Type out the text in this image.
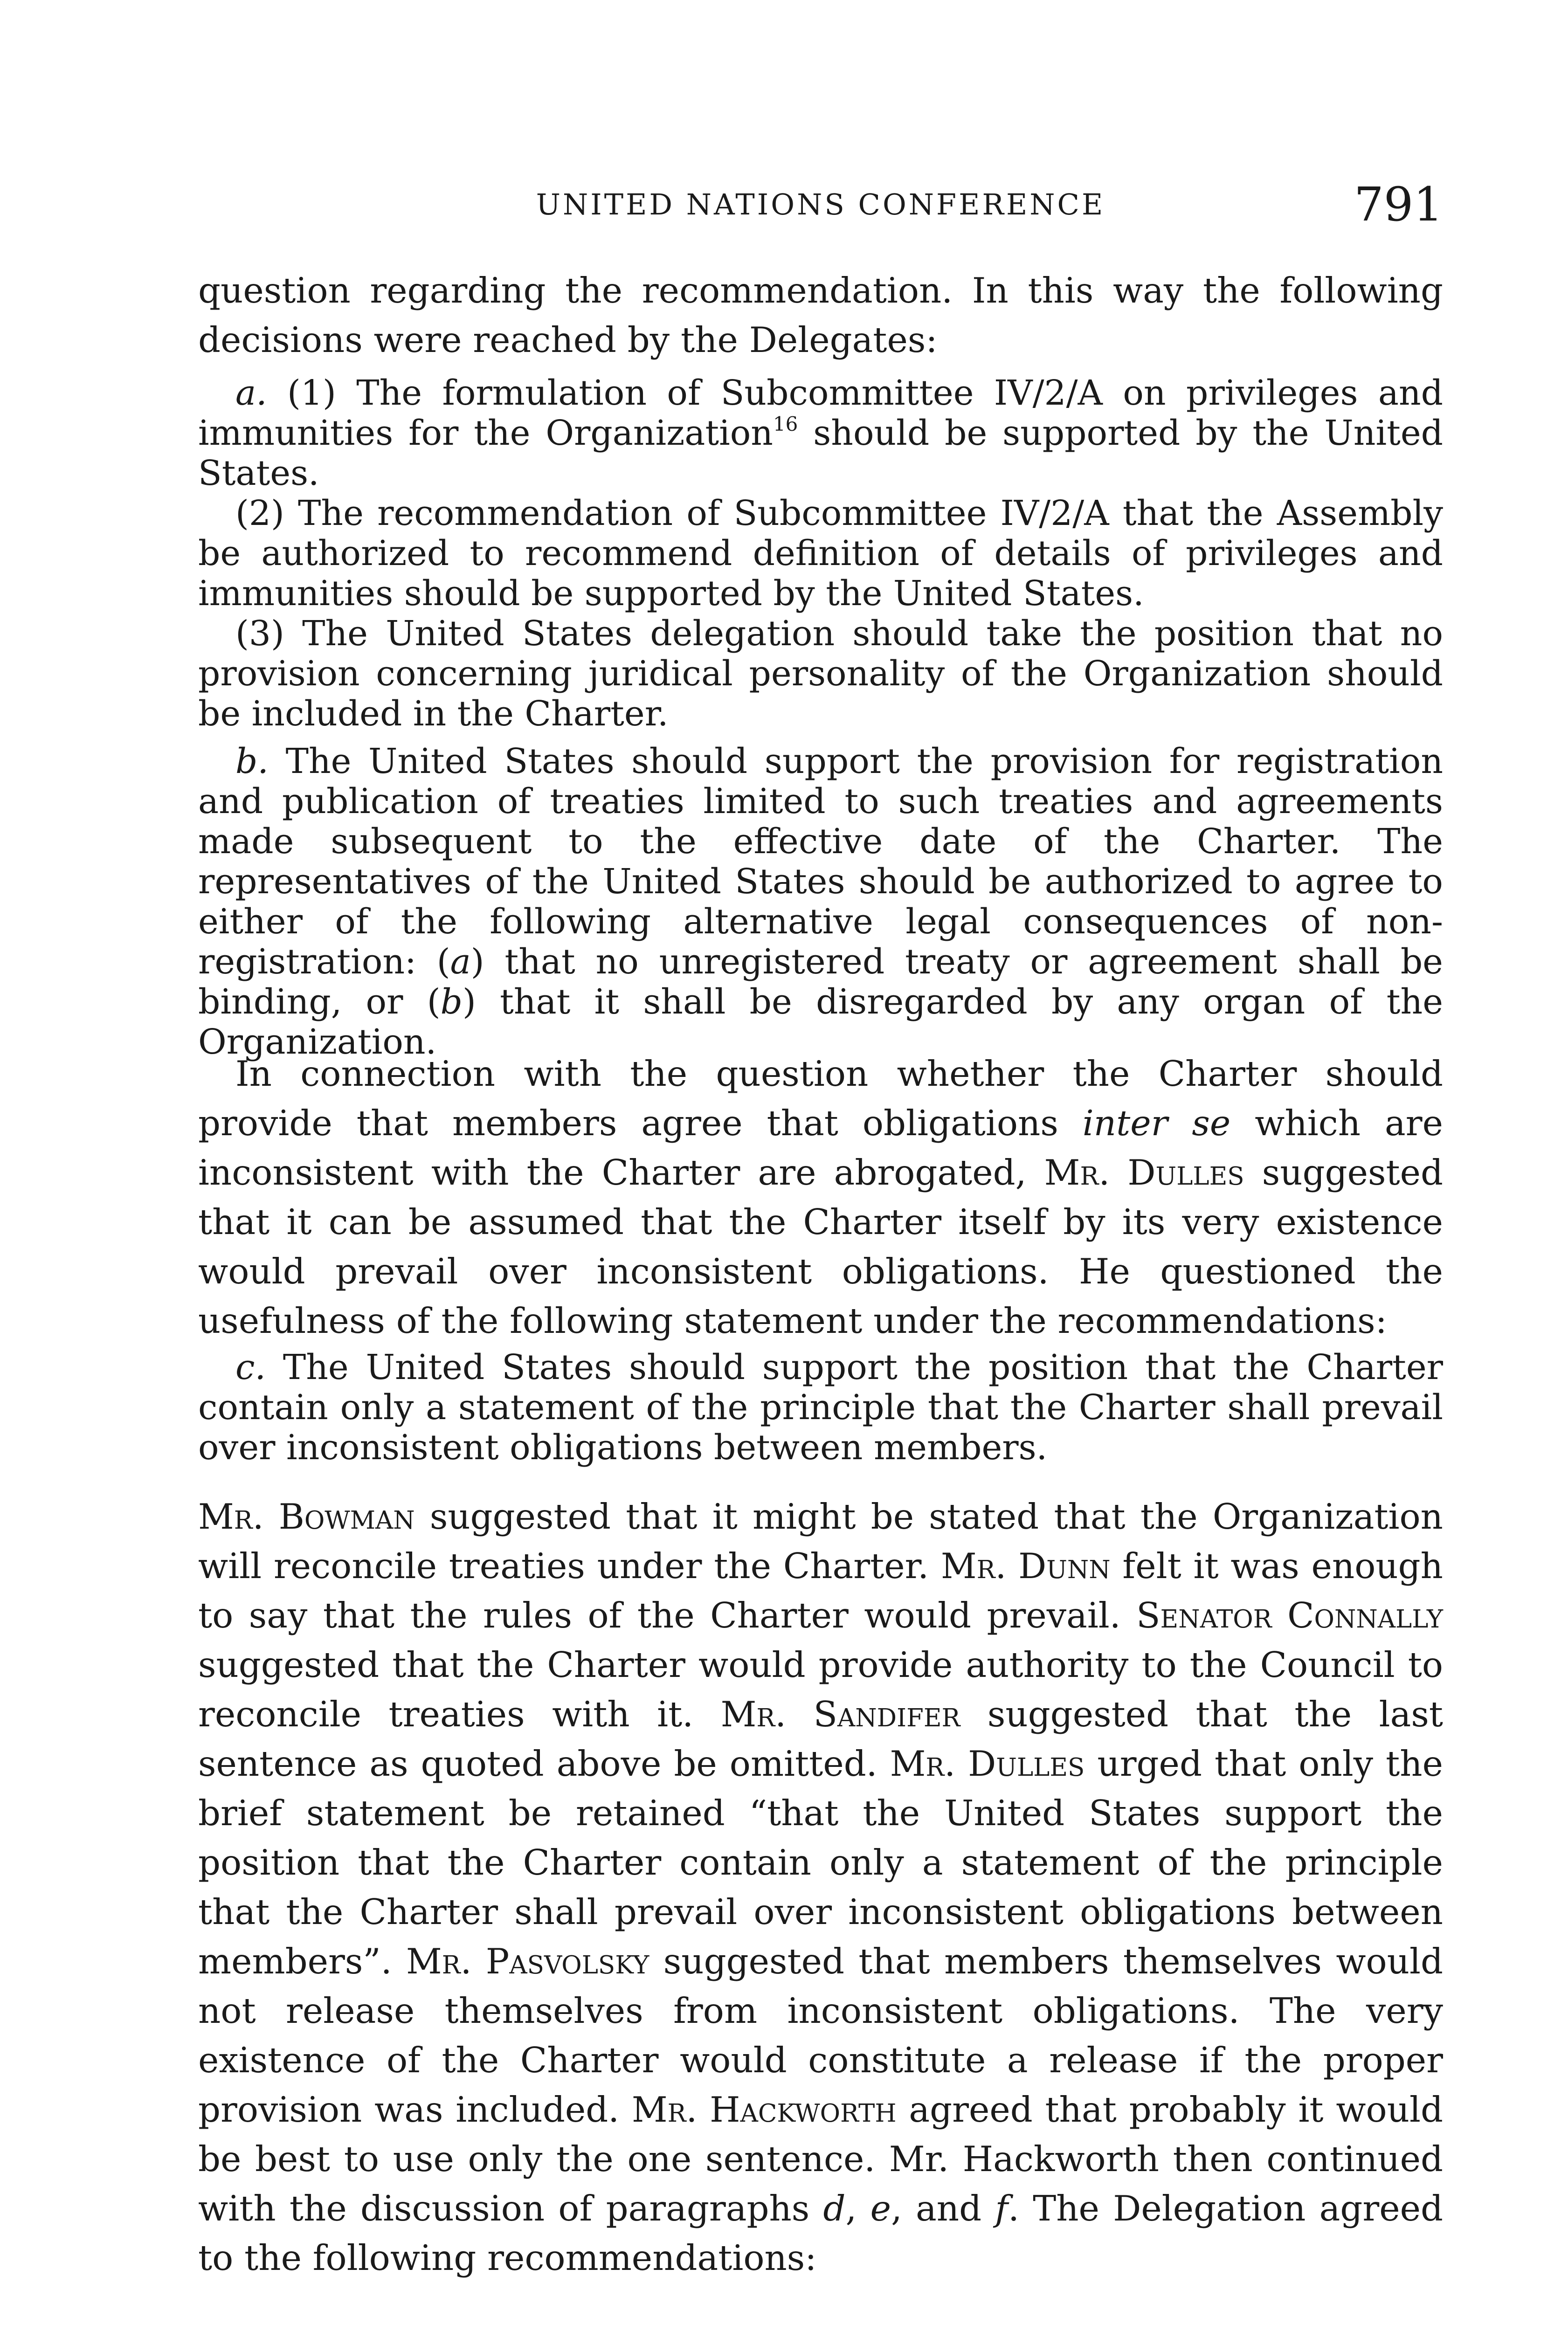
UNITED NATIONS CONFERENCE	791

question regarding the recommendation. In this way the following decisions were reached by the Delegates:

a. (1) The formulation of Subcommittee IV/2/A on privileges and immunities for the Organization$^{16}$ should be supported by the United States.

(2) The recommendation of Subcommittee IV/2/A that the Assembly be authorized to recommend definition of details of privileges and immunities should be supported by the United States.

(3) The United States delegation should take the position that no provision concerning juridical personality of the Organization should be included in the Charter.

b. The United States should support the provision for registration and publication of treaties limited to such treaties and agreements made subsequent to the effective date of the Charter. The representatives of the United States should be authorized to agree to either of the following alternative legal consequences of non-registration: (a) that no unregistered treaty or agreement shall be binding, or (b) that it shall be disregarded by any organ of the Organization.

In connection with the question whether the Charter should provide that members agree that obligations inter se which are inconsistent with the Charter are abrogated, Mr. Dulles suggested that it can be assumed that the Charter itself by its very existence would prevail over inconsistent obligations. He questioned the usefulness of the following statement under the recommendations:

c. The United States should support the position that the Charter contain only a statement of the principle that the Charter shall prevail over inconsistent obligations between members.

Mr. Bowman suggested that it might be stated that the Organization will reconcile treaties under the Charter. Mr. Dunn felt it was enough to say that the rules of the Charter would prevail. Senator Connally suggested that the Charter would provide authority to the Council to reconcile treaties with it. Mr. Sandifer suggested that the last sentence as quoted above be omitted. Mr. Dulles urged that only the brief statement be retained “that the United States support the position that the Charter contain only a statement of the principle that the Charter shall prevail over inconsistent obligations between members”. Mr. Pasvolsky suggested that members themselves would not release themselves from inconsistent obligations. The very existence of the Charter would constitute a release if the proper provision was included. Mr. Hackworth agreed that probably it would be best to use only the one sentence. Mr. Hackworth then continued with the discussion of paragraphs d, e, and f. The Delegation agreed to the following recommendations:
